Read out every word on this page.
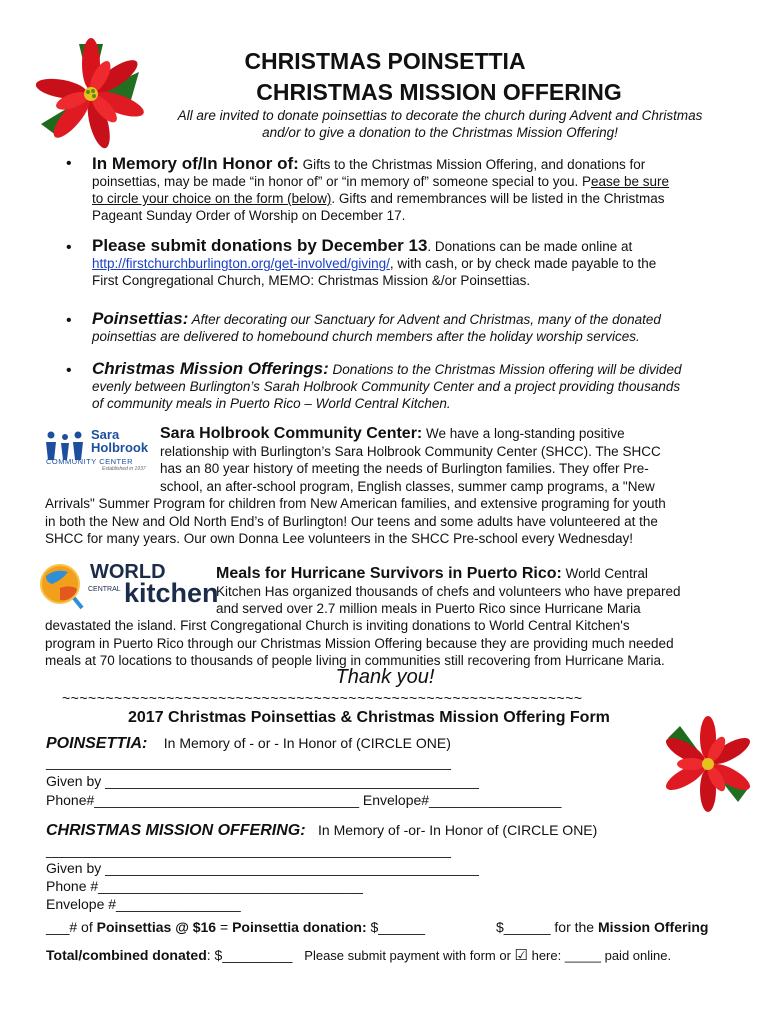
CHRISTMAS POINSETTIA
CHRISTMAS MISSION OFFERING
All are invited to donate poinsettias to decorate the church during Advent and Christmas
and/or to give a donation to the Christmas Mission Offering!
• In Memory of/In Honor of: Gifts to the Christmas Mission Offering, and donations for
poinsettias, may be made “in honor of” or “in memory of” someone special to you. Pease be sure
to circle your choice on the form (below). Gifts and remembrances will be listed in the Christmas
Pageant Sunday Order of Worship on December 17.
• Please submit donations by December 13. Donations can be made online at
http://firstchurchburlington.org/get-involved/giving/, with cash, or by check made payable to the
First Congregational Church, MEMO: Christmas Mission &/or Poinsettias.
• Poinsettias: After decorating our Sanctuary for Advent and Christmas, many of the donated
poinsettias are delivered to homebound church members after the holiday worship services.
• Christmas Mission Offerings: Donations to the Christmas Mission offering will be divided
evenly between Burlington’s Sarah Holbrook Community Center and a project providing thousands
of community meals in Puerto Rico – World Central Kitchen.
Sara
Holbrook
COMMUNITY CENTER
Established in 1937
Sara Holbrook Community Center: We have a long-standing positive
relationship with Burlington’s Sara Holbrook Community Center (SHCC). The SHCC
has an 80 year history of meeting the needs of Burlington families. They offer Pre-
school, an after-school program, English classes, summer camp programs, a "New
Arrivals" Summer Program for children from New American families, and extensive programing for youth
in both the New and Old North End’s of Burlington! Our teens and some adults have volunteered at the
SHCC for many years. Our own Donna Lee volunteers in the SHCC Pre-school every Wednesday!
WORLD
CENTRAL kitchen
Meals for Hurricane Survivors in Puerto Rico: World Central
Kitchen Has organized thousands of chefs and volunteers who have prepared
and served over 2.7 million meals in Puerto Rico since Hurricane Maria
devastated the island. First Congregational Church is inviting donations to World Central Kitchen's
program in Puerto Rico through our Christmas Mission Offering because they are providing much needed
meals at 70 locations to thousands of people living in communities still recovering from Hurricane Maria.
Thank you!
~~~~~~~~~~~~~~~~~~~~~~~~~~~~~~~~~~~~~~~~~~~~~~~~~~~~~~~~~~~~
2017 Christmas Poinsettias & Christmas Mission Offering Form
POINSETTIA: In Memory of - or - In Honor of (CIRCLE ONE)
____________________________________________________
Given by ________________________________________________
Phone#__________________________________ Envelope#_________________
CHRISTMAS MISSION OFFERING: In Memory of -or- In Honor of (CIRCLE ONE)
____________________________________________________
Given by ________________________________________________
Phone #__________________________________
Envelope #________________
___# of Poinsettias @ $16 = Poinsettia donation: $______	$______ for the Mission Offering
Total/combined donated: $_________ Please submit payment with form or ☑ here: _____ paid online.
